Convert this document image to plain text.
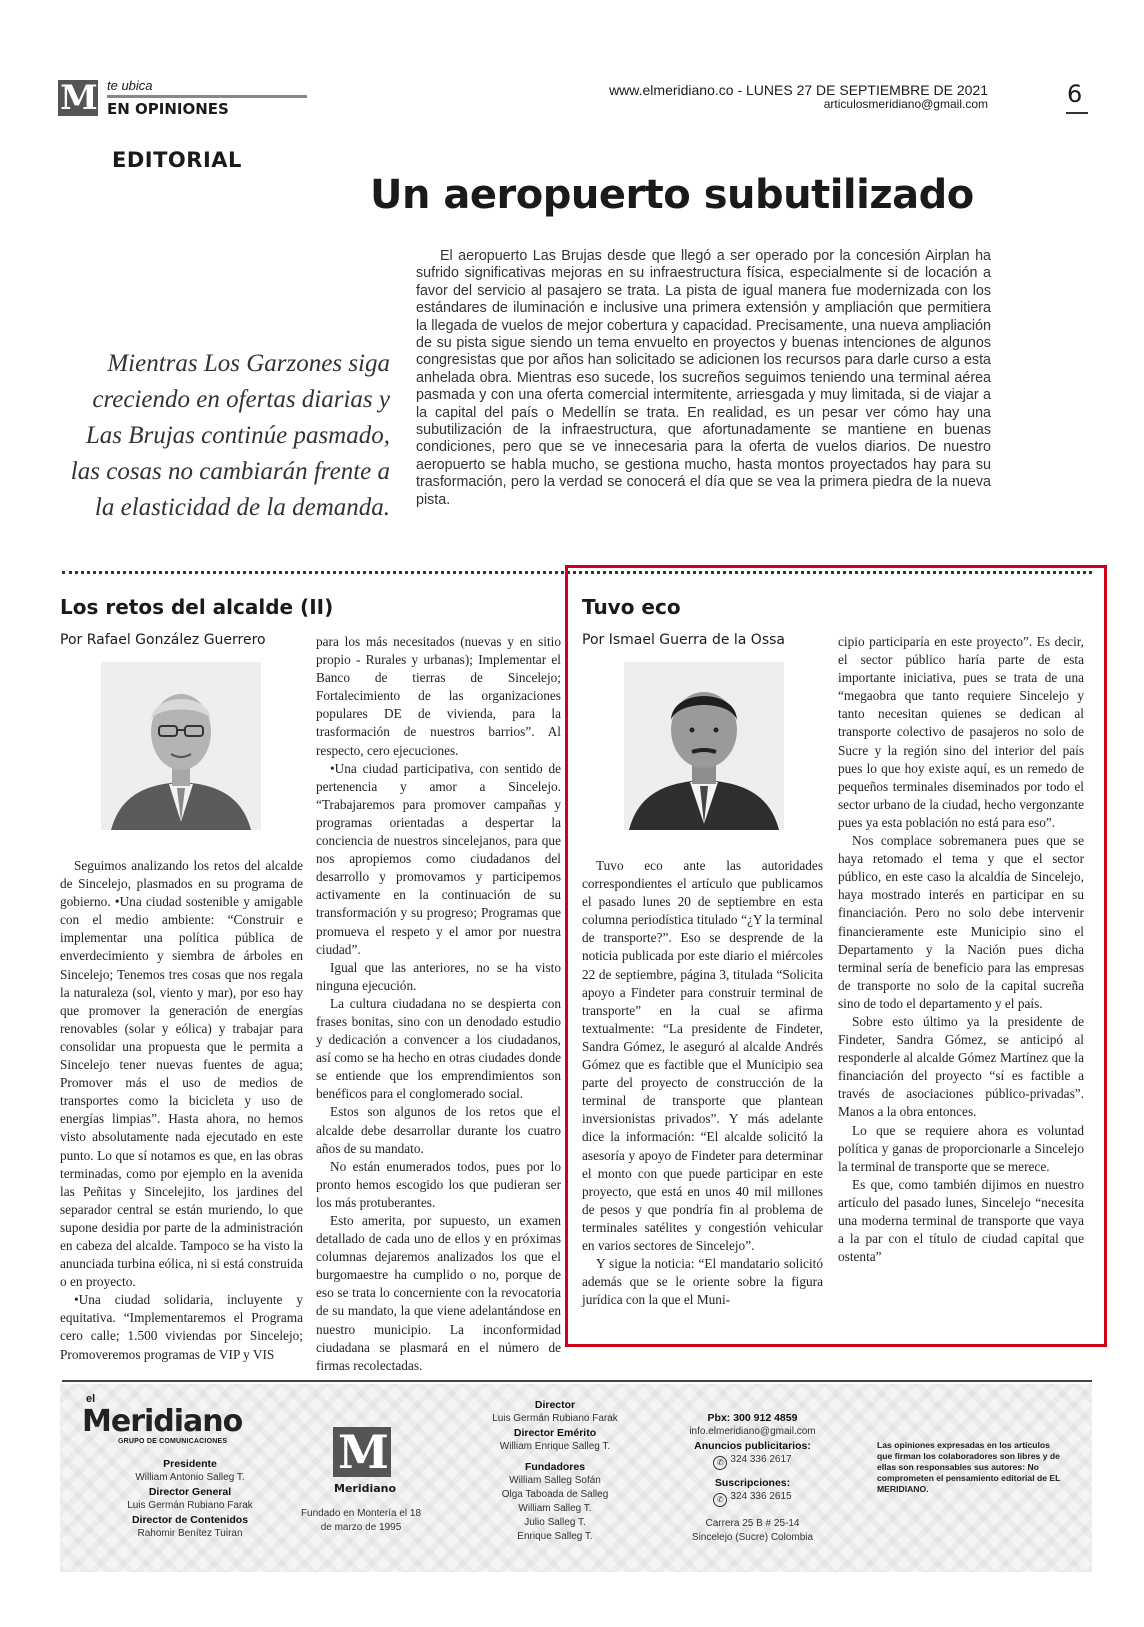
M te ubica
EN OPINIONES
www.elmeridiano.co - LUNES 27 DE SEPTIEMBRE DE 2021
articulosmeridiano@gmail.com	6
EDITORIAL
Un aeropuerto subutilizado
Mientras Los Garzones siga creciendo en ofertas diarias y Las Brujas continúe pasmado, las cosas no cambiarán frente a la elasticidad de la demanda.

El aeropuerto Las Brujas desde que llegó a ser operado por la concesión Airplan ha sufrido significativas mejoras en su infraestructura física, especialmente si de locación a favor del servicio al pasajero se trata. La pista de igual manera fue modernizada con los estándares de iluminación e inclusive una primera extensión y ampliación que permitiera la llegada de vuelos de mejor cobertura y capacidad. Precisamente, una nueva ampliación de su pista sigue siendo un tema envuelto en proyectos y buenas intenciones de algunos congresistas que por años han solicitado se adicionen los recursos para darle curso a esta anhelada obra. Mientras eso sucede, los sucreños seguimos teniendo una terminal aérea pasmada y con una oferta comercial intermitente, arriesgada y muy limitada, si de viajar a la capital del país o Medellín se trata. En realidad, es un pesar ver cómo hay una subutilización de la infraestructura, que afortunadamente se mantiene en buenas condiciones, pero que se ve innecesaria para la oferta de vuelos diarios. De nuestro aeropuerto se habla mucho, se gestiona mucho, hasta montos proyectados hay para su trasformación, pero la verdad se conocerá el día que se vea la primera piedra de la nueva pista.

Los retos del alcalde (II)
Por Rafael González Guerrero

Seguimos analizando los retos del alcalde de Sincelejo, plasmados en su programa de gobierno. •Una ciudad sostenible y amigable con el medio ambiente: “Construir e implementar una política pública de enverdecimiento y siembra de árboles en Sincelejo; Tenemos tres cosas que nos regala la naturaleza (sol, viento y mar), por eso hay que promover la generación de energías renovables (solar y eólica) y trabajar para consolidar una propuesta que le permita a Sincelejo tener nuevas fuentes de agua; Promover más el uso de medios de transportes como la bicicleta y uso de energías limpias”. Hasta ahora, no hemos visto absolutamente nada ejecutado en este punto. Lo que sí notamos es que, en las obras terminadas, como por ejemplo en la avenida las Peñitas y Sincelejito, los jardines del separador central se están muriendo, lo que supone desidia por parte de la administración en cabeza del alcalde. Tampoco se ha visto la anunciada turbina eólica, ni si está construida o en proyecto.

•Una ciudad solidaria, incluyente y equitativa. “Implementaremos el Programa cero calle; 1.500 viviendas por Sincelejo; Promoveremos programas de VIP y VIS

para los más necesitados (nuevas y en sitio propio - Rurales y urbanas); Implementar el Banco de tierras de Sincelejo; Fortalecimiento de las organizaciones populares DE de vivienda, para la trasformación de nuestros barrios”. Al respecto, cero ejecuciones.

•Una ciudad participativa, con sentido de pertenencia y amor a Sincelejo. “Trabajaremos para promover campañas y programas orientadas a despertar la conciencia de nuestros sincelejanos, para que nos apropiemos como ciudadanos del desarrollo y promovamos y participemos activamente en la continuación de su transformación y su progreso; Programas que promueva el respeto y el amor por nuestra ciudad”.

Igual que las anteriores, no se ha visto ninguna ejecución.

La cultura ciudadana no se despierta con frases bonitas, sino con un denodado estudio y dedicación a convencer a los ciudadanos, así como se ha hecho en otras ciudades donde se entiende que los emprendimientos son benéficos para el conglomerado social.

Estos son algunos de los retos que el alcalde debe desarrollar durante los cuatro años de su mandato.

No están enumerados todos, pues por lo pronto hemos escogido los que pudieran ser los más protuberantes.

Esto amerita, por supuesto, un examen detallado de cada uno de ellos y en próximas columnas dejaremos analizados los que el burgomaestre ha cumplido o no, porque de eso se trata lo concerniente con la revocatoria de su mandato, la que viene adelantándose en nuestro municipio. La inconformidad ciudadana se plasmará en el número de firmas recolectadas.

Tuvo eco
Por Ismael Guerra de la Ossa

Tuvo eco ante las autoridades correspondientes el artículo que publicamos el pasado lunes 20 de septiembre en esta columna periodística titulado “¿Y la terminal de transporte?”. Eso se desprende de la noticia publicada por este diario el miércoles 22 de septiembre, página 3, titulada “Solicita apoyo a Findeter para construir terminal de transporte” en la cual se afirma textualmente: “La presidente de Findeter, Sandra Gómez, le aseguró al alcalde Andrés Gómez que es factible que el Municipio sea parte del proyecto de construcción de la terminal de transporte que plantean inversionistas privados”. Y más adelante dice la información: “El alcalde solicitó la asesoría y apoyo de Findeter para determinar el monto con que puede participar en este proyecto, que está en unos 40 mil millones de pesos y que pondría fin al problema de terminales satélites y congestión vehicular en varios sectores de Sincelejo”.

Y sigue la noticia: “El mandatario solicitó además que se le oriente sobre la figura jurídica con la que el Muni-

cipio participaría en este proyecto”. Es decir, el sector público haría parte de esta importante iniciativa, pues se trata de una “megaobra que tanto requiere Sincelejo y tanto necesitan quienes se dedican al transporte colectivo de pasajeros no solo de Sucre y la región sino del interior del país pues lo que hoy existe aquí, es un remedo de pequeños terminales diseminados por todo el sector urbano de la ciudad, hecho vergonzante pues ya esta población no está para eso”.

Nos complace sobremanera pues que se haya retomado el tema y que el sector público, en este caso la alcaldía de Sincelejo, haya mostrado interés en participar en su financiación. Pero no solo debe intervenir financieramente este Municipio sino el Departamento y la Nación pues dicha terminal sería de beneficio para las empresas de transporte no solo de la capital sucreña sino de todo el departamento y el país.

Sobre esto último ya la presidente de Findeter, Sandra Gómez, se anticipó al responderle al alcalde Gómez Martínez que la financiación del proyecto “sí es factible a través de asociaciones público-privadas”. Manos a la obra entonces.

Lo que se requiere ahora es voluntad política y ganas de proporcionarle a Sincelejo la terminal de transporte que se merece.

Es que, como también dijimos en nuestro artículo del pasado lunes, Sincelejo “necesita una moderna terminal de transporte que vaya a la par con el título de ciudad capital que ostenta”

el
Meridiano
GRUPO DE COMUNICACIONES
Presidente
William Antonio Salleg T.
Director General
Luis Germán Rubiano Farak
Director de Contenidos
Rahomir Benítez Tuiran
M
Meridiano
Fundado en Montería el 18 de marzo de 1995
Director
Luis Germán Rubiano Farak
Director Emérito
William Enrique Salleg T.
Fundadores
William Salleg Sofán
Olga Taboada de Salleg
William Salleg T.
Julio Salleg T.
Enrique Salleg T.
Pbx: 300 912 4859
info.elmeridiano@gmail.com
Anuncios publicitarios:
✆ 324 336 2617
Suscripciones:
✆ 324 336 2615
Carrera 25 B # 25-14
Sincelejo (Sucre) Colombia
Las opiniones expresadas en los artículos que firman los colaboradores son libres y de ellas son responsables sus autores: No comprometen el pensamiento editorial de EL MERIDIANO.
